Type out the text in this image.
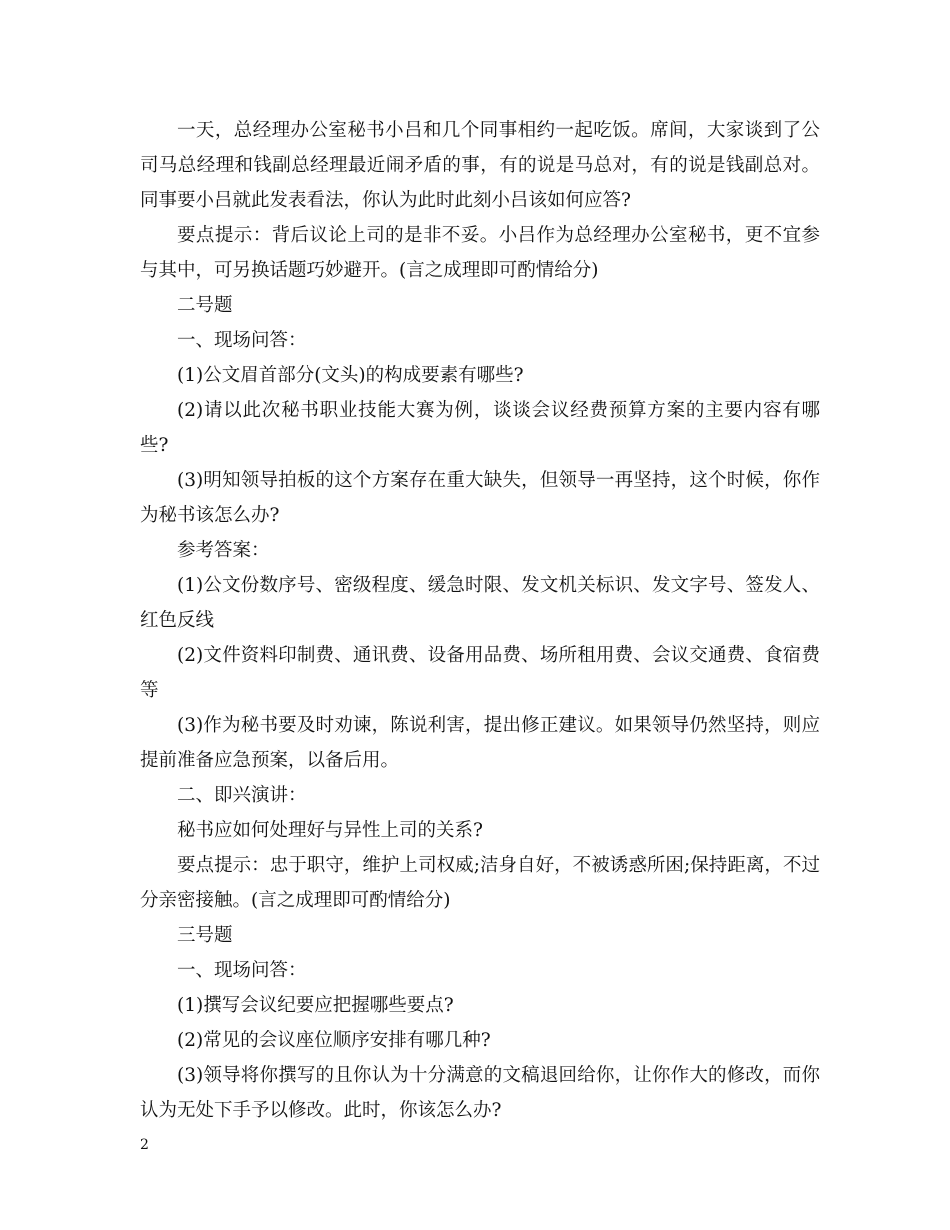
一天，总经理办公室秘书小吕和几个同事相约一起吃饭。席间，大家谈到了公司马总经理和钱副总经理最近闹矛盾的事，有的说是马总对，有的说是钱副总对。同事要小吕就此发表看法，你认为此时此刻小吕该如何应答?

要点提示：背后议论上司的是非不妥。小吕作为总经理办公室秘书，更不宜参与其中，可另换话题巧妙避开。(言之成理即可酌情给分)

二号题

一、现场问答：

(1)公文眉首部分(文头)的构成要素有哪些?

(2)请以此次秘书职业技能大赛为例，谈谈会议经费预算方案的主要内容有哪些?

(3)明知领导拍板的这个方案存在重大缺失，但领导一再坚持，这个时候，你作为秘书该怎么办?

参考答案：

(1)公文份数序号、密级程度、缓急时限、发文机关标识、发文字号、签发人、红色反线

(2)文件资料印制费、通讯费、设备用品费、场所租用费、会议交通费、食宿费等

(3)作为秘书要及时劝谏，陈说利害，提出修正建议。如果领导仍然坚持，则应提前准备应急预案，以备后用。

二、即兴演讲：

秘书应如何处理好与异性上司的关系?

要点提示：忠于职守，维护上司权威;洁身自好，不被诱惑所困;保持距离，不过分亲密接触。(言之成理即可酌情给分)

三号题

一、现场问答：

(1)撰写会议纪要应把握哪些要点?

(2)常见的会议座位顺序安排有哪几种?

(3)领导将你撰写的且你认为十分满意的文稿退回给你，让你作大的修改，而你认为无处下手予以修改。此时，你该怎么办?

2
